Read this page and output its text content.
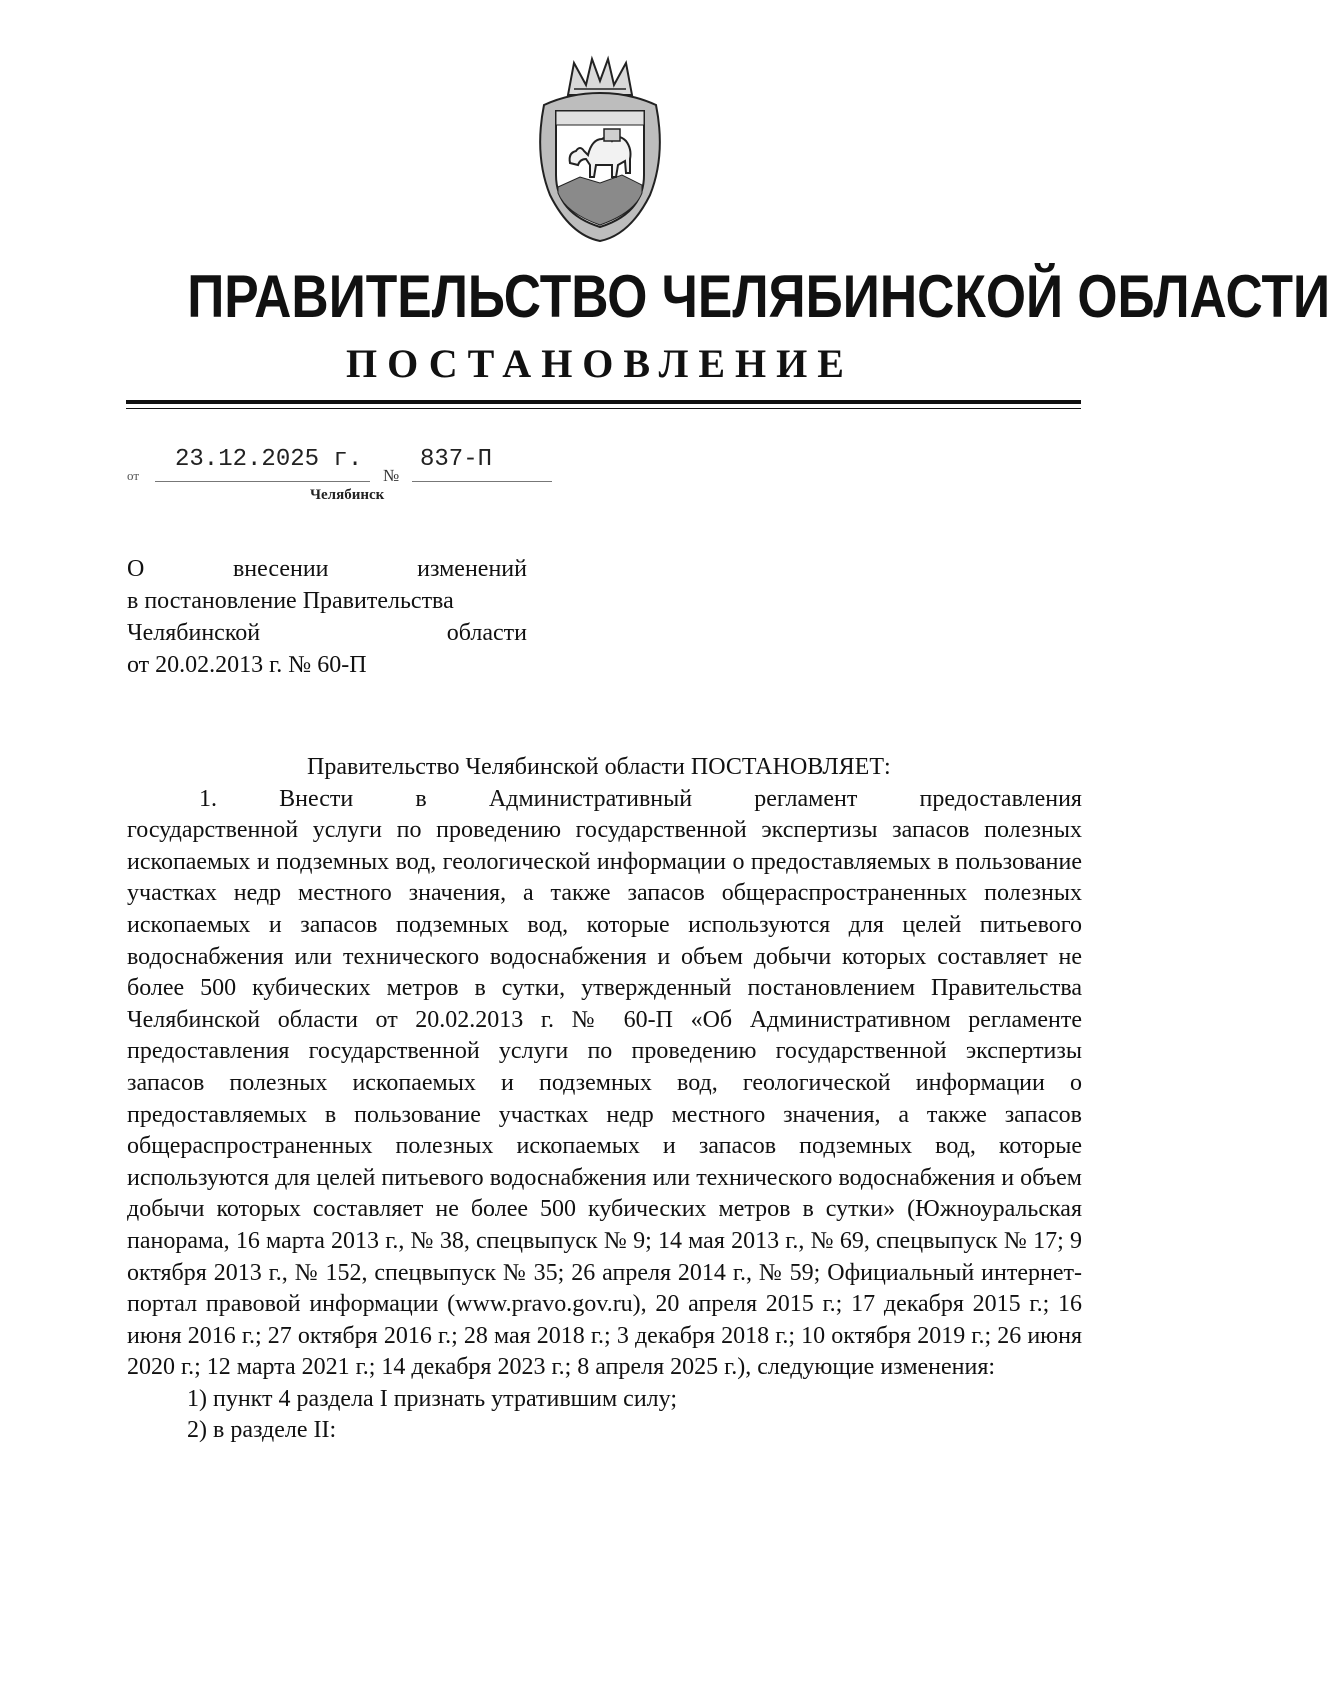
ПРАВИТЕЛЬСТВО ЧЕЛЯБИНСКОЙ ОБЛАСТИ
ПОСТАНОВЛЕНИЕ
от
23.12.2025 г.
№
837-П
Челябинск
О	внесении	изменений
в постановление Правительства
Челябинской	области
от 20.02.2013 г. № 60-П
Правительство Челябинской области ПОСТАНОВЛЯЕТ:
1.	Внести	в	Административный	регламент	предоставления
государственной услуги по проведению государственной экспертизы запасов полезных ископаемых и подземных вод, геологической информации о предоставляемых в пользование участках недр местного значения, а также запасов общераспространенных полезных ископаемых и запасов подземных вод, которые используются для целей питьевого водоснабжения или технического водоснабжения и объем добычи которых составляет не более 500 кубических метров в сутки, утвержденный постановлением Правительства Челябинской области от 20.02.2013 г. № 60-П «Об Административном регламенте предоставления государственной услуги по проведению государственной экспертизы запасов полезных ископаемых и подземных вод, геологической информации о предоставляемых в пользование участках недр местного значения, а также запасов общераспространенных полезных ископаемых и запасов подземных вод, которые используются для целей питьевого водоснабжения или технического водоснабжения и объем добычи которых составляет не более 500 кубических метров в сутки» (Южноуральская панорама, 16 марта 2013 г., № 38, спецвыпуск № 9; 14 мая 2013 г., № 69, спецвыпуск № 17; 9 октября 2013 г., № 152, спецвыпуск № 35; 26 апреля 2014 г., № 59; Официальный интернет-портал правовой информации (www.pravo.gov.ru), 20 апреля 2015 г.; 17 декабря 2015 г.; 16 июня 2016 г.; 27 октября 2016 г.; 28 мая 2018 г.; 3 декабря 2018 г.; 10 октября 2019 г.; 26 июня 2020 г.; 12 марта 2021 г.; 14 декабря 2023 г.; 8 апреля 2025 г.), следующие изменения:
1) пункт 4 раздела I признать утратившим силу;
2) в разделе II:
